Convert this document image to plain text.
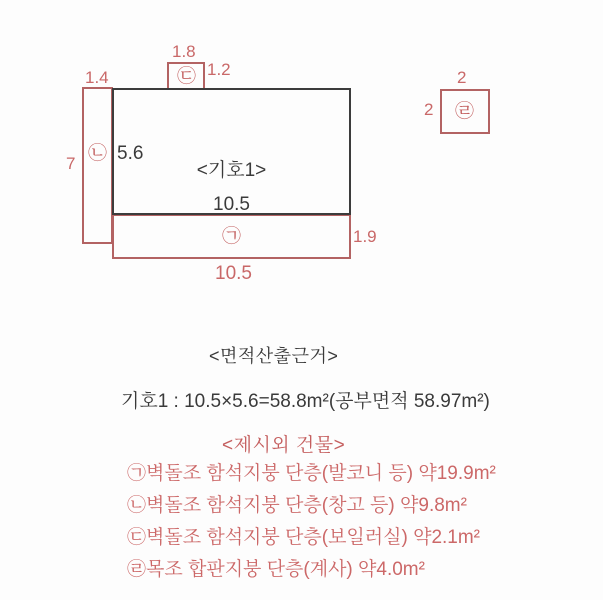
㉢
㉡
㉠
㉣
1.8
1.2
1.4
7
1.9
10.5
2
2
5.6
<기호1>
10.5
<면적산출근거>
기호1 : 10.5×5.6=58.8m²(공부면적 58.97m²)
<제시외 건물>
㉠벽돌조 함석지붕 단층(발코니 등) 약19.9m²
㉡벽돌조 함석지붕 단층(창고 등) 약9.8m²
㉢벽돌조 함석지붕 단층(보일러실) 약2.1m²
㉣목조 합판지붕 단층(계사) 약4.0m²
